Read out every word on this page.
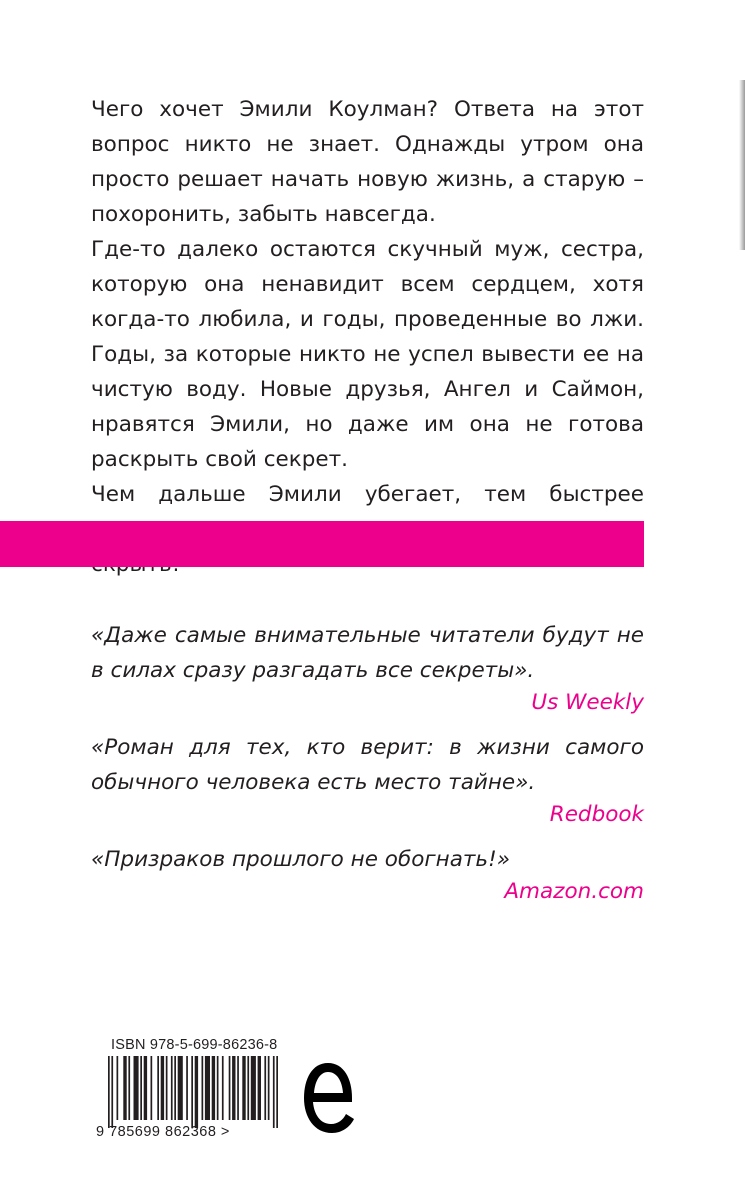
Чего хочет Эмили Коулман? Ответа на этот вопрос никто не знает. Однажды утром она просто решает начать новую жизнь, а старую – похоронить, забыть навсегда.

Где-то далеко остаются скучный муж, сестра, которую она ненавидит всем сердцем, хотя когда-то любила, и годы, проведенные во лжи. Годы, за которые никто не успел вывести ее на чистую воду. Новые друзья, Ангел и Саймон, нравятся Эмили, но даже им она не готова раскрыть свой секрет.

Чем дальше Эмили убегает, тем быстрее

«Даже самые внимательные читатели будут не в силах сразу разгадать все секреты».

Us Weekly

«Роман для тех, кто верит: в жизни самого обычного человека есть место тайне».

Redbook

«Призраков прошлого не обогнать!»

Amazon.com

ISBN 978-5-699-86236-8
9 785699 862368 >
